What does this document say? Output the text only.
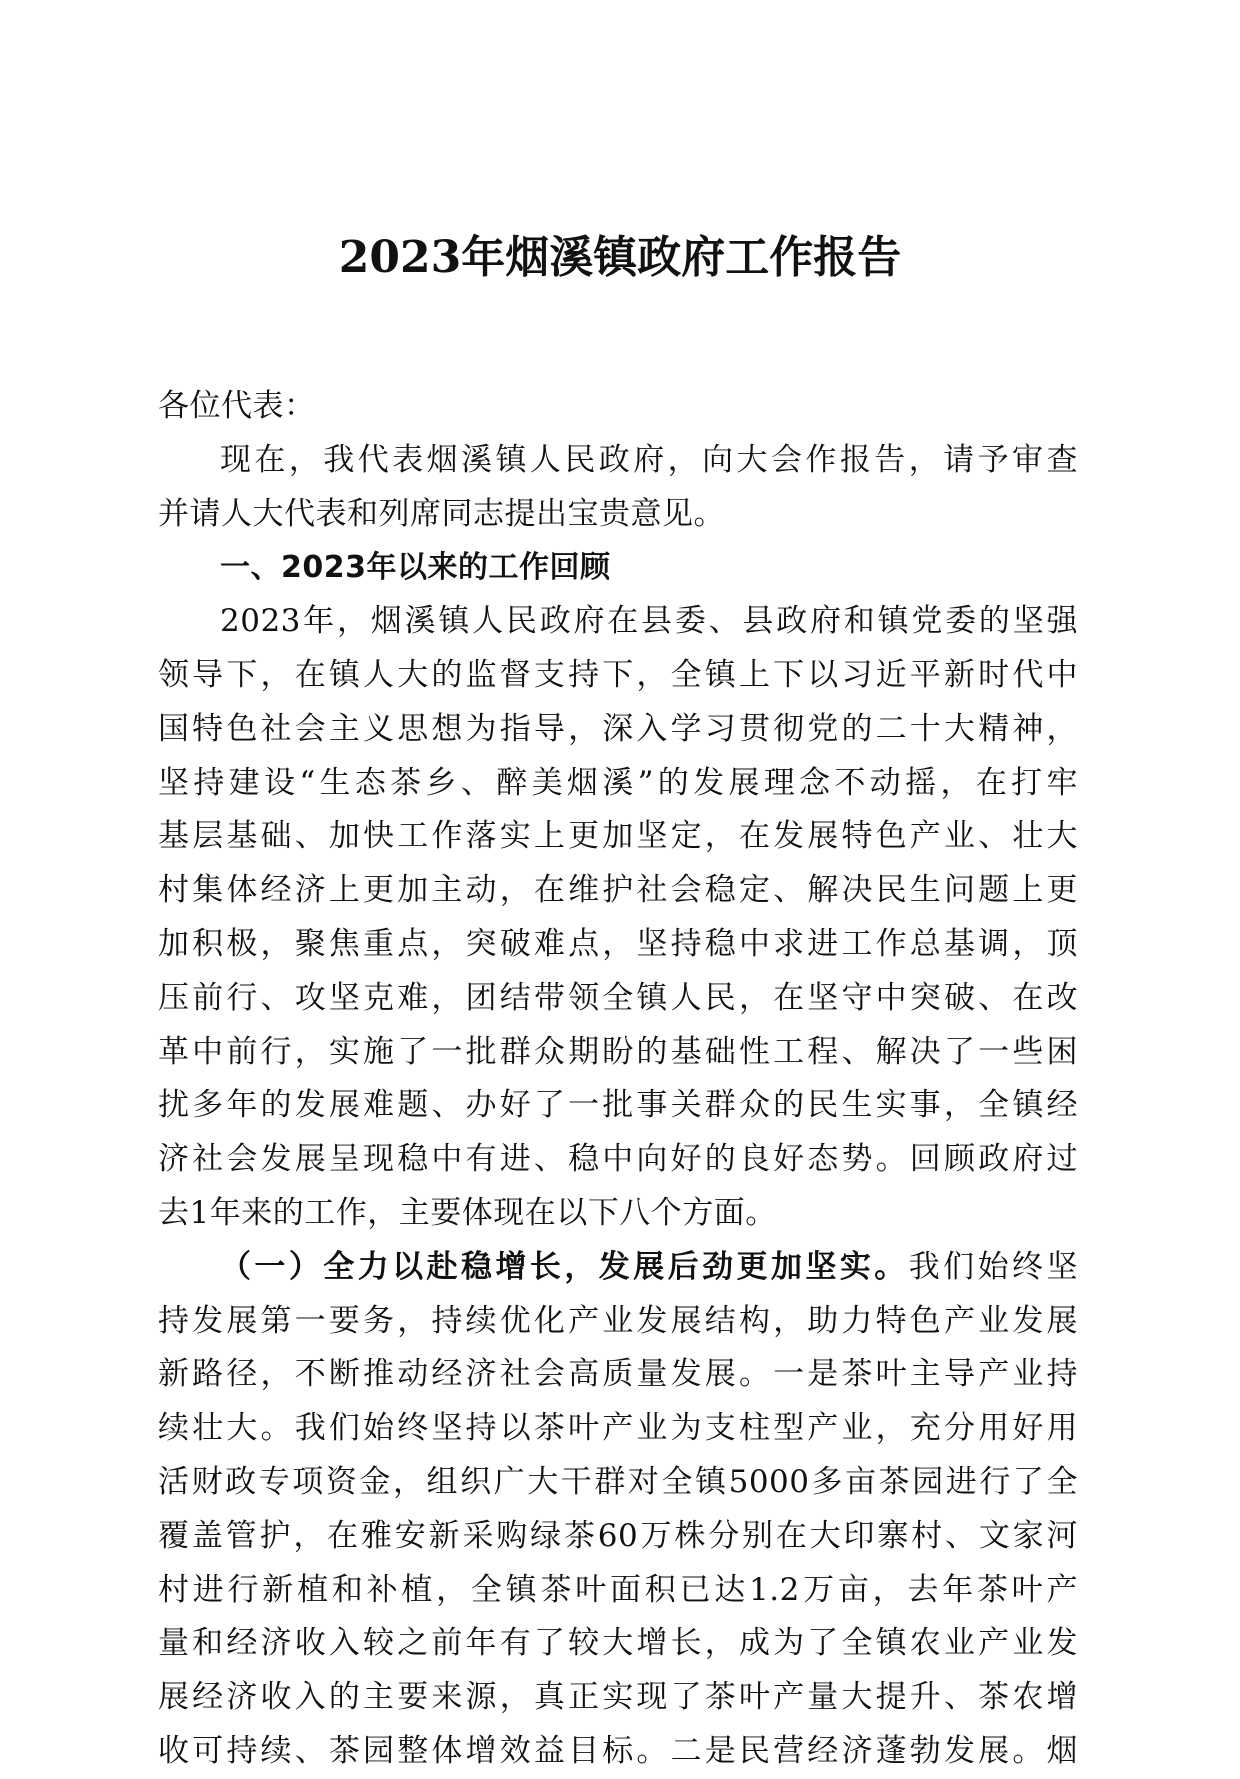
2023年烟溪镇政府工作报告
各位代表：
现在，我代表烟溪镇人民政府，向大会作报告，请予审查
并请人大代表和列席同志提出宝贵意见。
一、2023年以来的工作回顾
2023年，烟溪镇人民政府在县委、县政府和镇党委的坚强
领导下，在镇人大的监督支持下，全镇上下以习近平新时代中
国特色社会主义思想为指导，深入学习贯彻党的二十大精神，
坚持建设“生态茶乡、醉美烟溪”的发展理念不动摇，在打牢
基层基础、加快工作落实上更加坚定，在发展特色产业、壮大
村集体经济上更加主动，在维护社会稳定、解决民生问题上更
加积极，聚焦重点，突破难点，坚持稳中求进工作总基调，顶
压前行、攻坚克难，团结带领全镇人民，在坚守中突破、在改
革中前行，实施了一批群众期盼的基础性工程、解决了一些困
扰多年的发展难题、办好了一批事关群众的民生实事，全镇经
济社会发展呈现稳中有进、稳中向好的良好态势。回顾政府过
去1年来的工作，主要体现在以下八个方面。
（一）全力以赴稳增长，发展后劲更加坚实。我们始终坚
持发展第一要务，持续优化产业发展结构，助力特色产业发展
新路径，不断推动经济社会高质量发展。一是茶叶主导产业持
续壮大。我们始终坚持以茶叶产业为支柱型产业，充分用好用
活财政专项资金，组织广大干群对全镇5000多亩茶园进行了全
覆盖管护，在雅安新采购绿茶60万株分别在大印寨村、文家河
村进行新植和补植，全镇茶叶面积已达1.2万亩，去年茶叶产
量和经济收入较之前年有了较大增长，成为了全镇农业产业发
展经济收入的主要来源，真正实现了茶叶产量大提升、茶农增
收可持续、茶园整体增效益目标。二是民营经济蓬勃发展。烟
